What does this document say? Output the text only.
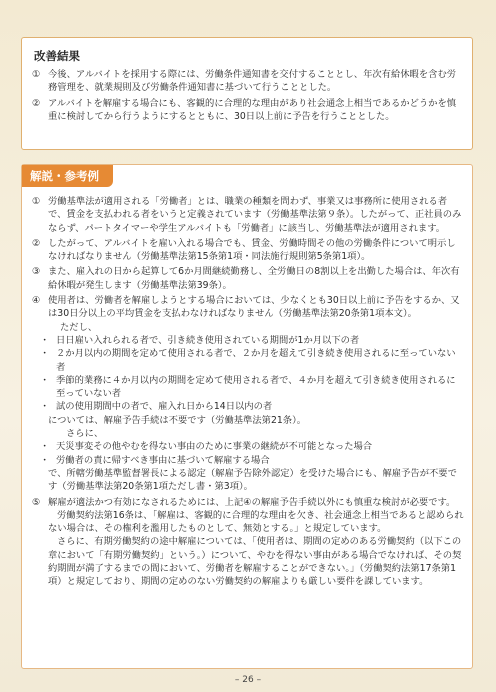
改善結果
① 今後、アルバイトを採用する際には、労働条件通知書を交付することとし、年次有給休暇を含む労務管理を、就業規則及び労働条件通知書に基づいて行うこととした。
② アルバイトを解雇する場合にも、客観的に合理的な理由があり社会通念上相当であるかどうかを慎重に検討してから行うようにするとともに、30日以上前に予告を行うこととした。
解説・参考例
① 労働基準法が適用される「労働者」とは、職業の種類を問わず、事業又は事務所に使用される者で、賃金を支払われる者をいうと定義されています（労働基準法第９条）。したがって、正社員のみならず、パートタイマーや学生アルバイトも「労働者」に該当し、労働基準法が適用されます。
② したがって、アルバイトを雇い入れる場合でも、賃金、労働時間その他の労働条件について明示しなければなりません（労働基準法第15条第1項・同法施行規則第5条第1項）。
③ また、雇入れの日から起算して6か月間継続勤務し、全労働日の8割以上を出勤した場合は、年次有給休暇が発生します（労働基準法第39条）。
④ 使用者は、労働者を解雇しようとする場合においては、少なくとも30日以上前に予告をするか、又は30日分以上の平均賃金を支払わなければなりません（労働基準法第20条第1項本文）。
ただし、
・ 日日雇い入れられる者で、引き続き使用されている期間が1か月以下の者
・ ２か月以内の期間を定めて使用される者で、２か月を超えて引き続き使用されるに至っていない者
・ 季節的業務に４か月以内の期間を定めて使用される者で、４か月を超えて引き続き使用されるに至っていない者
・ 試の使用期間中の者で、雇入れ日から14日以内の者
については、解雇予告手続は不要です（労働基準法第21条）。
さらに、
・ 天災事変その他やむを得ない事由のために事業の継続が不可能となった場合
・ 労働者の責に帰すべき事由に基づいて解雇する場合
で、所轄労働基準監督署長による認定（解雇予告除外認定）を受けた場合にも、解雇予告が不要です（労働基準法第20条第1項ただし書・第3項）。
⑤ 解雇が適法かつ有効になされるためには、上記④の解雇予告手続以外にも慎重な検討が必要です。
労働契約法第16条は、「解雇は、客観的に合理的な理由を欠き、社会通念上相当であると認められない場合は、その権利を濫用したものとして、無効とする。」と規定しています。
さらに、有期労働契約の途中解雇については、「使用者は、期間の定めのある労働契約（以下この章において「有期労働契約」という。）について、やむを得ない事由がある場合でなければ、その契約期間が満了するまでの間において、労働者を解雇することができない。」（労働契約法第17条第1項）と規定しており、期間の定めのない労働契約の解雇よりも厳しい要件を課しています。
– 26 –
